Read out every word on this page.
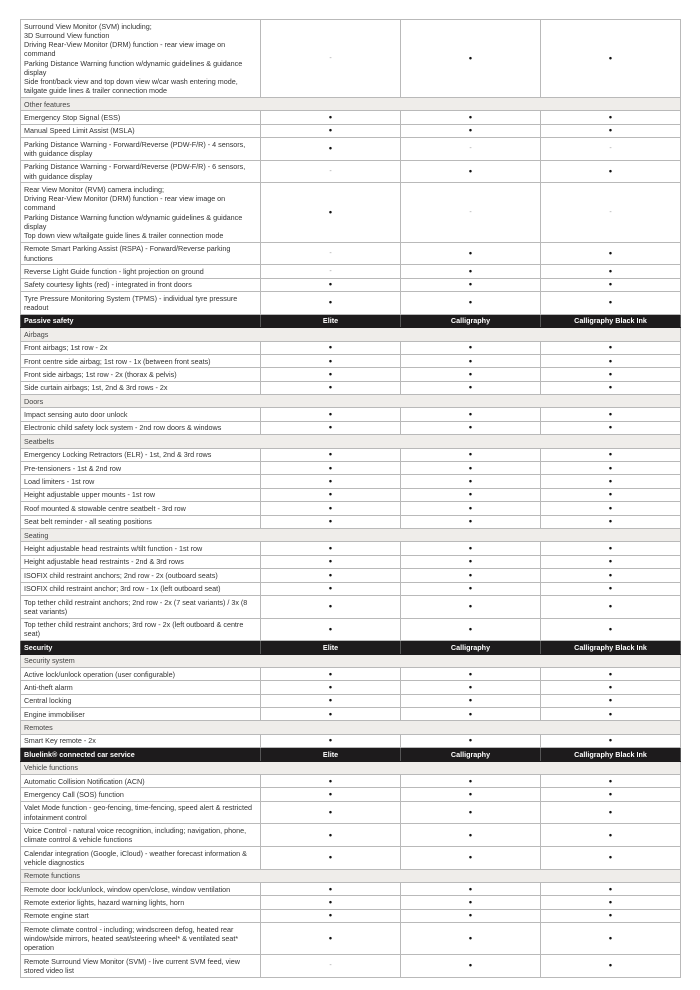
Surround View Monitor (SVM) including;
3D Surround View function
Driving Rear-View Monitor (DRM) function - rear view image on command
Parking Distance Warning function w/dynamic guidelines & guidance display
Side front/back view and top down view w/car wash entering mode, tailgate guide lines & trailer connection mode	-	•	•
Other features			

Emergency Stop Signal (ESS)	•	•	•

Manual Speed Limit Assist (MSLA)	•	•	•

Parking Distance Warning - Forward/Reverse (PDW-F/R) - 4 sensors, with guidance display	•	-	-

Parking Distance Warning - Forward/Reverse (PDW-F/R) - 6 sensors, with guidance display	-	•	•

Rear View Monitor (RVM) camera including;
Driving Rear-View Monitor (DRM) function - rear view image on command
Parking Distance Warning function w/dynamic guidelines & guidance display
Top down view w/tailgate guide lines & trailer connection mode	•	-	-

Remote Smart Parking Assist (RSPA) - Forward/Reverse parking functions	-	•	•

Reverse Light Guide function - light projection on ground	-	•	•

Safety courtesy lights (red) - integrated in front doors	•	•	•

Tyre Pressure Monitoring System (TPMS) - individual tyre pressure readout	•	•	•
Passive safety	Elite	Calligraphy	Calligraphy Black Ink
Airbags			

Front airbags; 1st row - 2x	•	•	•

Front centre side airbag; 1st row - 1x (between front seats)	•	•	•

Front side airbags; 1st row - 2x (thorax & pelvis)	•	•	•

Side curtain airbags; 1st, 2nd & 3rd rows - 2x	•	•	•
Doors			

Impact sensing auto door unlock	•	•	•

Electronic child safety lock system - 2nd row doors & windows	•	•	•
Seatbelts			

Emergency Locking Retractors (ELR) - 1st, 2nd & 3rd rows	•	•	•

Pre-tensioners - 1st & 2nd row	•	•	•

Load limiters - 1st row	•	•	•

Height adjustable upper mounts - 1st row	•	•	•

Roof mounted & stowable centre seatbelt - 3rd row	•	•	•

Seat belt reminder - all seating positions	•	•	•
Seating			

Height adjustable head restraints w/tilt function - 1st row	•	•	•

Height adjustable head restraints - 2nd & 3rd rows	•	•	•

ISOFIX child restraint anchors; 2nd row - 2x (outboard seats)	•	•	•

ISOFIX child restraint anchor; 3rd row - 1x (left outboard seat)	•	•	•

Top tether child restraint anchors; 2nd row - 2x (7 seat variants) / 3x (8 seat variants)	•	•	•

Top tether child restraint anchors; 3rd row - 2x (left outboard & centre seat)	•	•	•
Security	Elite	Calligraphy	Calligraphy Black Ink
Security system			

Active lock/unlock operation (user configurable)	•	•	•

Anti-theft alarm	•	•	•

Central locking	•	•	•

Engine immobiliser	•	•	•
Remotes			

Smart Key remote - 2x	•	•	•
Bluelink® connected car service	Elite	Calligraphy	Calligraphy Black Ink
Vehicle functions			

Automatic Collision Notification (ACN)	•	•	•

Emergency Call (SOS) function	•	•	•

Valet Mode function - geo-fencing, time-fencing, speed alert & restricted infotainment control	•	•	•

Voice Control - natural voice recognition, including; navigation, phone, climate control & vehicle functions	•	•	•

Calendar integration (Google, iCloud) - weather forecast information & vehicle diagnostics	•	•	•
Remote functions			

Remote door lock/unlock, window open/close, window ventilation	•	•	•

Remote exterior lights, hazard warning lights, horn	•	•	•

Remote engine start	•	•	•

Remote climate control - including; windscreen defog, heated rear window/side mirrors, heated seat/steering wheel* & ventilated seat* operation	•	•	•

Remote Surround View Monitor (SVM) - live current SVM feed, view stored video list	-	•	•
